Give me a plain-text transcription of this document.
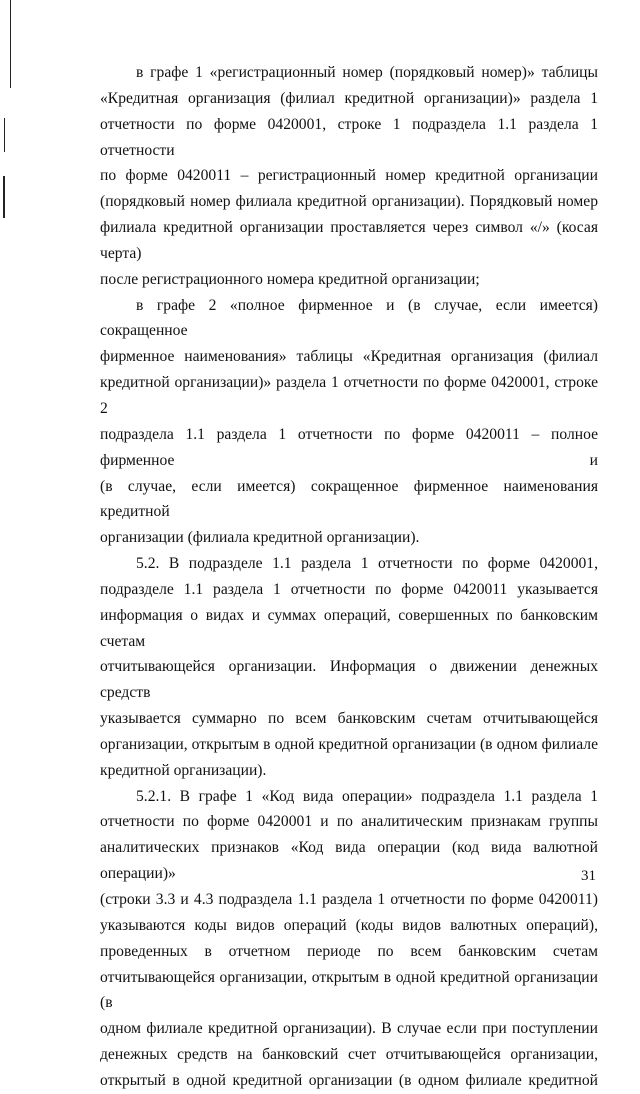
в графе 1 «регистрационный номер (порядковый номер)» таблицы
«Кредитная организация (филиал кредитной организации)» раздела 1
отчетности по форме 0420001, строке 1 подраздела 1.1 раздела 1 отчетности
по форме 0420011 – регистрационный номер кредитной организации
(порядковый номер филиала кредитной организации). Порядковый номер
филиала кредитной организации проставляется через символ «/» (косая черта)
после регистрационного номера кредитной организации;

в графе 2 «полное фирменное и (в случае, если имеется) сокращенное
фирменное наименования» таблицы «Кредитная организация (филиал
кредитной организации)» раздела 1 отчетности по форме 0420001, строке 2
подраздела 1.1 раздела 1 отчетности по форме 0420011 – полное фирменное и
(в случае, если имеется) сокращенное фирменное наименования кредитной
организации (филиала кредитной организации).

5.2. В подразделе 1.1 раздела 1 отчетности по форме 0420001,
подразделе 1.1 раздела 1 отчетности по форме 0420011 указывается
информация о видах и суммах операций, совершенных по банковским счетам
отчитывающейся организации. Информация о движении денежных средств
указывается суммарно по всем банковским счетам отчитывающейся
организации, открытым в одной кредитной организации (в одном филиале
кредитной организации).

5.2.1. В графе 1 «Код вида операции» подраздела 1.1 раздела 1
отчетности по форме 0420001 и по аналитическим признакам группы
аналитических признаков «Код вида операции (код вида валютной операции)»
(строки 3.3 и 4.3 подраздела 1.1 раздела 1 отчетности по форме 0420011)
указываются коды видов операций (коды видов валютных операций),
проведенных в отчетном периоде по всем банковским счетам
отчитывающейся организации, открытым в одной кредитной организации (в
одном филиале кредитной организации). В случае если при поступлении
денежных средств на банковский счет отчитывающейся организации,
открытый в одной кредитной организации (в одном филиале кредитной

31
